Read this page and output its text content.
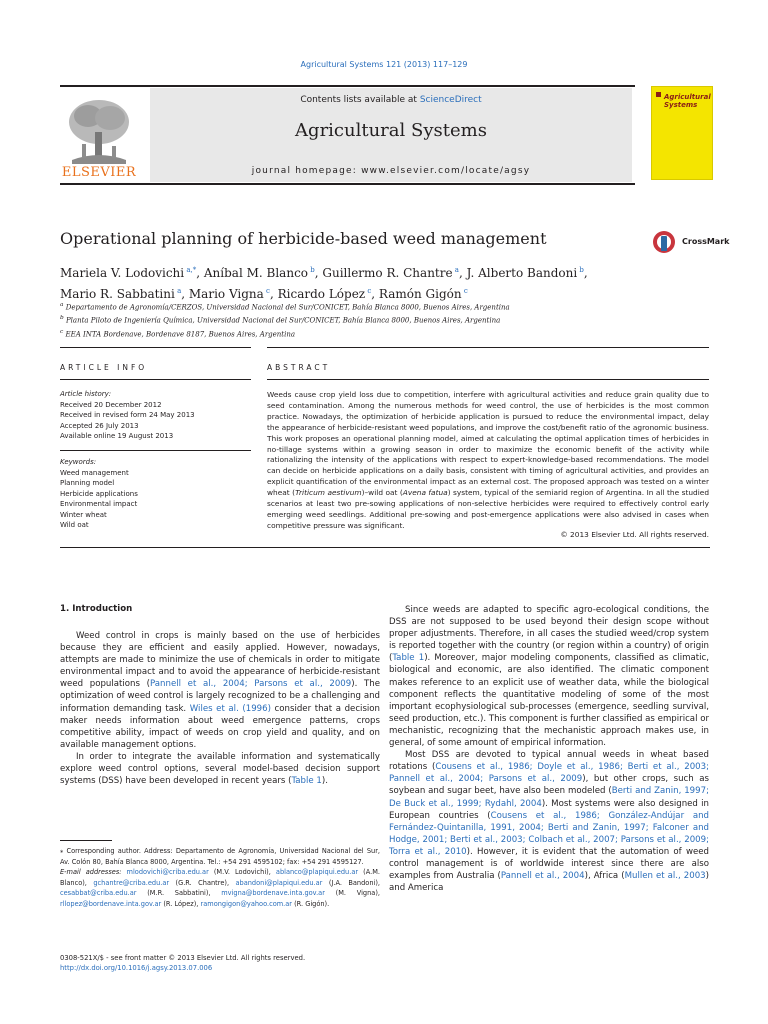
Agricultural Systems 121 (2013) 117–129
ELSEVIER
Contents lists available at ScienceDirect
Agricultural Systems
journal homepage: www.elsevier.com/locate/agsy
Agricultural
Systems
Operational planning of herbicide-based weed management	CrossMark
Mariela V. Lodovichi $^{a,*}$, Aníbal M. Blanco $^b$, Guillermo R. Chantre $^a$, J. Alberto Bandoni $^b$,
Mario R. Sabbatini $^a$, Mario Vigna $^c$, Ricardo López $^c$, Ramón Gigón $^c$
$^a$ Departamento de Agronomía/CERZOS, Universidad Nacional del Sur/CONICET, Bahía Blanca 8000, Buenos Aires, Argentina
$^b$ Planta Piloto de Ingeniería Química, Universidad Nacional del Sur/CONICET, Bahía Blanca 8000, Buenos Aires, Argentina
$^c$ EEA INTA Bordenave, Bordenave 8187, Buenos Aires, Argentina
ARTICLE INFO	ABSTRACT
Article history:
Received 20 December 2012
Received in revised form 24 May 2013
Accepted 26 July 2013
Available online 19 August 2013
Keywords:
Weed management
Planning model
Herbicide applications
Environmental impact
Winter wheat
Wild oat
Weeds cause crop yield loss due to competition, interfere with agricultural activities and reduce grain quality due to seed contamination. Among the numerous methods for weed control, the use of herbicides is the most common practice. Nowadays, the optimization of herbicide application is pursued to reduce the environmental impact, delay the appearance of herbicide-resistant weed populations, and improve the cost/benefit ratio of the agronomic business. This work proposes an operational planning model, aimed at calculating the optimal application times of herbicides in no-tillage systems within a growing season in order to maximize the economic benefit of the activity while rationalizing the intensity of the applications with respect to expert-knowledge-based recommendations. The model can decide on herbicide applications on a daily basis, consistent with timing of agricultural activities, and provides an explicit quantification of the environmental impact as an external cost. The proposed approach was tested on a winter wheat (Triticum aestivum)–wild oat (Avena fatua) system, typical of the semiarid region of Argentina. In all the studied scenarios at least two pre-sowing applications of non-selective herbicides were required to effectively control early emerging weed seedlings. Additional pre-sowing and post-emergence applications were also advised in cases when competitive pressure was significant.
© 2013 Elsevier Ltd. All rights reserved.
1. Introduction

Weed control in crops is mainly based on the use of herbicides because they are efficient and easily applied. However, nowadays, attempts are made to minimize the use of chemicals in order to mitigate environmental impact and to avoid the appearance of herbicide-resistant weed populations (Pannell et al., 2004; Parsons et al., 2009). The optimization of weed control is largely recognized to be a challenging and information demanding task. Wiles et al. (1996) consider that a decision maker needs information about weed emergence patterns, crops competitive ability, impact of weeds on crop yield and quality, and on available management options.

In order to integrate the available information and systematically explore weed control options, several model-based decision support systems (DSS) have been developed in recent years (Table 1).

Since weeds are adapted to specific agro-ecological conditions, the DSS are not supposed to be used beyond their design scope without proper adjustments. Therefore, in all cases the studied weed/crop system is reported together with the country (or region within a country) of origin (Table 1). Moreover, major modeling components, classified as climatic, biological and economic, are also identified. The climatic component makes reference to an explicit use of weather data, while the biological component reflects the quantitative modeling of some of the most important ecophysiological sub-processes (emergence, seedling survival, seed production, etc.). This component is further classified as empirical or mechanistic, recognizing that the mechanistic approach makes use, in general, of some amount of empirical information.

Most DSS are devoted to typical annual weeds in wheat based rotations (Cousens et al., 1986; Doyle et al., 1986; Berti et al., 2003; Pannell et al., 2004; Parsons et al., 2009), but other crops, such as soybean and sugar beet, have also been modeled (Berti and Zanin, 1997; De Buck et al., 1999; Rydahl, 2004). Most systems were also designed in European countries (Cousens et al., 1986; González-Andújar and Fernández-Quintanilla, 1991, 2004; Berti and Zanin, 1997; Falconer and Hodge, 2001; Berti et al., 2003; Colbach et al., 2007; Parsons et al., 2009; Torra et al., 2010). However, it is evident that the automation of weed control management is of worldwide interest since there are also examples from Australia (Pannell et al., 2004), Africa (Mullen et al., 2003) and America

⁎ Corresponding author. Address: Departamento de Agronomía, Universidad Nacional del Sur, Av. Colón 80, Bahía Blanca 8000, Argentina. Tel.: +54 291 4595102; fax: +54 291 4595127.
E-mail addresses: mlodovichi@criba.edu.ar (M.V. Lodovichi), ablanco@plapiqui.edu.ar (A.M. Blanco), gchantre@criba.edu.ar (G.R. Chantre), abandoni@plapiqui.edu.ar (J.A. Bandoni), cesabbat@criba.edu.ar (M.R. Sabbatini), mvigna@bordenave.inta.gov.ar (M. Vigna), rllopez@bordenave.inta.gov.ar (R. López), ramongigon@yahoo.com.ar (R. Gigón).
0308-521X/$ - see front matter © 2013 Elsevier Ltd. All rights reserved.
http://dx.doi.org/10.1016/j.agsy.2013.07.006
